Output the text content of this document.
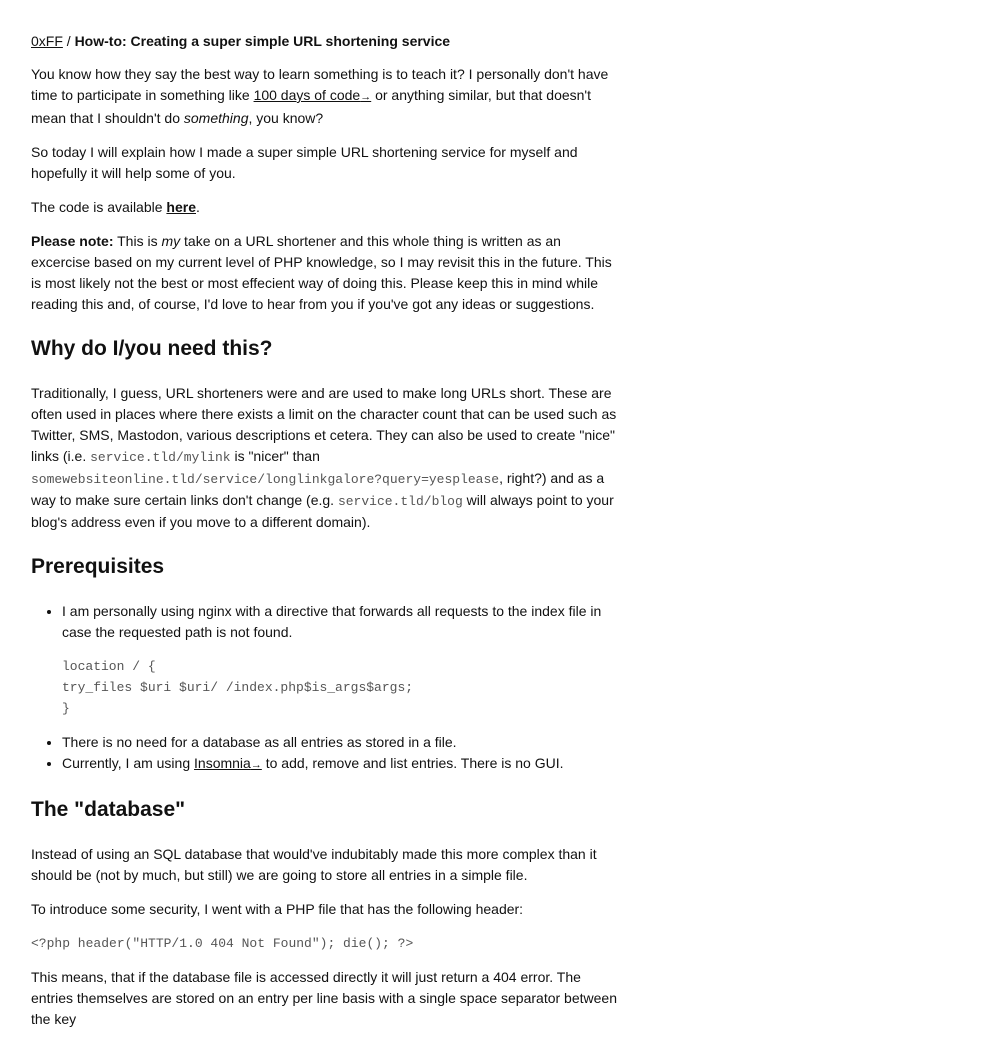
0xFF / How-to: Creating a super simple URL shortening service

You know how they say the best way to learn something is to teach it? I personally don't have time to participate in something like 100 days of code→ or anything similar, but that doesn't mean that I shouldn't do something, you know?

So today I will explain how I made a super simple URL shortening service for myself and hopefully it will help some of you.

The code is available here.

Please note: This is my take on a URL shortener and this whole thing is written as an excercise based on my current level of PHP knowledge, so I may revisit this in the future. This is most likely not the best or most effecient way of doing this. Please keep this in mind while reading this and, of course, I'd love to hear from you if you've got any ideas or suggestions.

Why do I/you need this?

Traditionally, I guess, URL shorteners were and are used to make long URLs short. These are often used in places where there exists a limit on the character count that can be used such as Twitter, SMS, Mastodon, various descriptions et cetera. They can also be used to create "nice" links (i.e. service.tld/mylink is "nicer" than somewebsiteonline.tld/service/longlinkgalore?query=yesplease, right?) and as a way to make sure certain links don't change (e.g. service.tld/blog will always point to your blog's address even if you move to a different domain).

Prerequisites

• I am personally using nginx with a directive that forwards all requests to the index file in case the requested path is not found.

location / {
try_files $uri $uri/ /index.php$is_args$args;
}
• There is no need for a database as all entries as stored in a file.
• Currently, I am using Insomnia→ to add, remove and list entries. There is no GUI.
The "database"

Instead of using an SQL database that would've indubitably made this more complex than it should be (not by much, but still) we are going to store all entries in a simple file.

To introduce some security, I went with a PHP file that has the following header:

<?php header("HTTP/1.0 404 Not Found"); die(); ?>

This means, that if the database file is accessed directly it will just return a 404 error. The entries themselves are stored on an entry per line basis with a single space separator between the key
